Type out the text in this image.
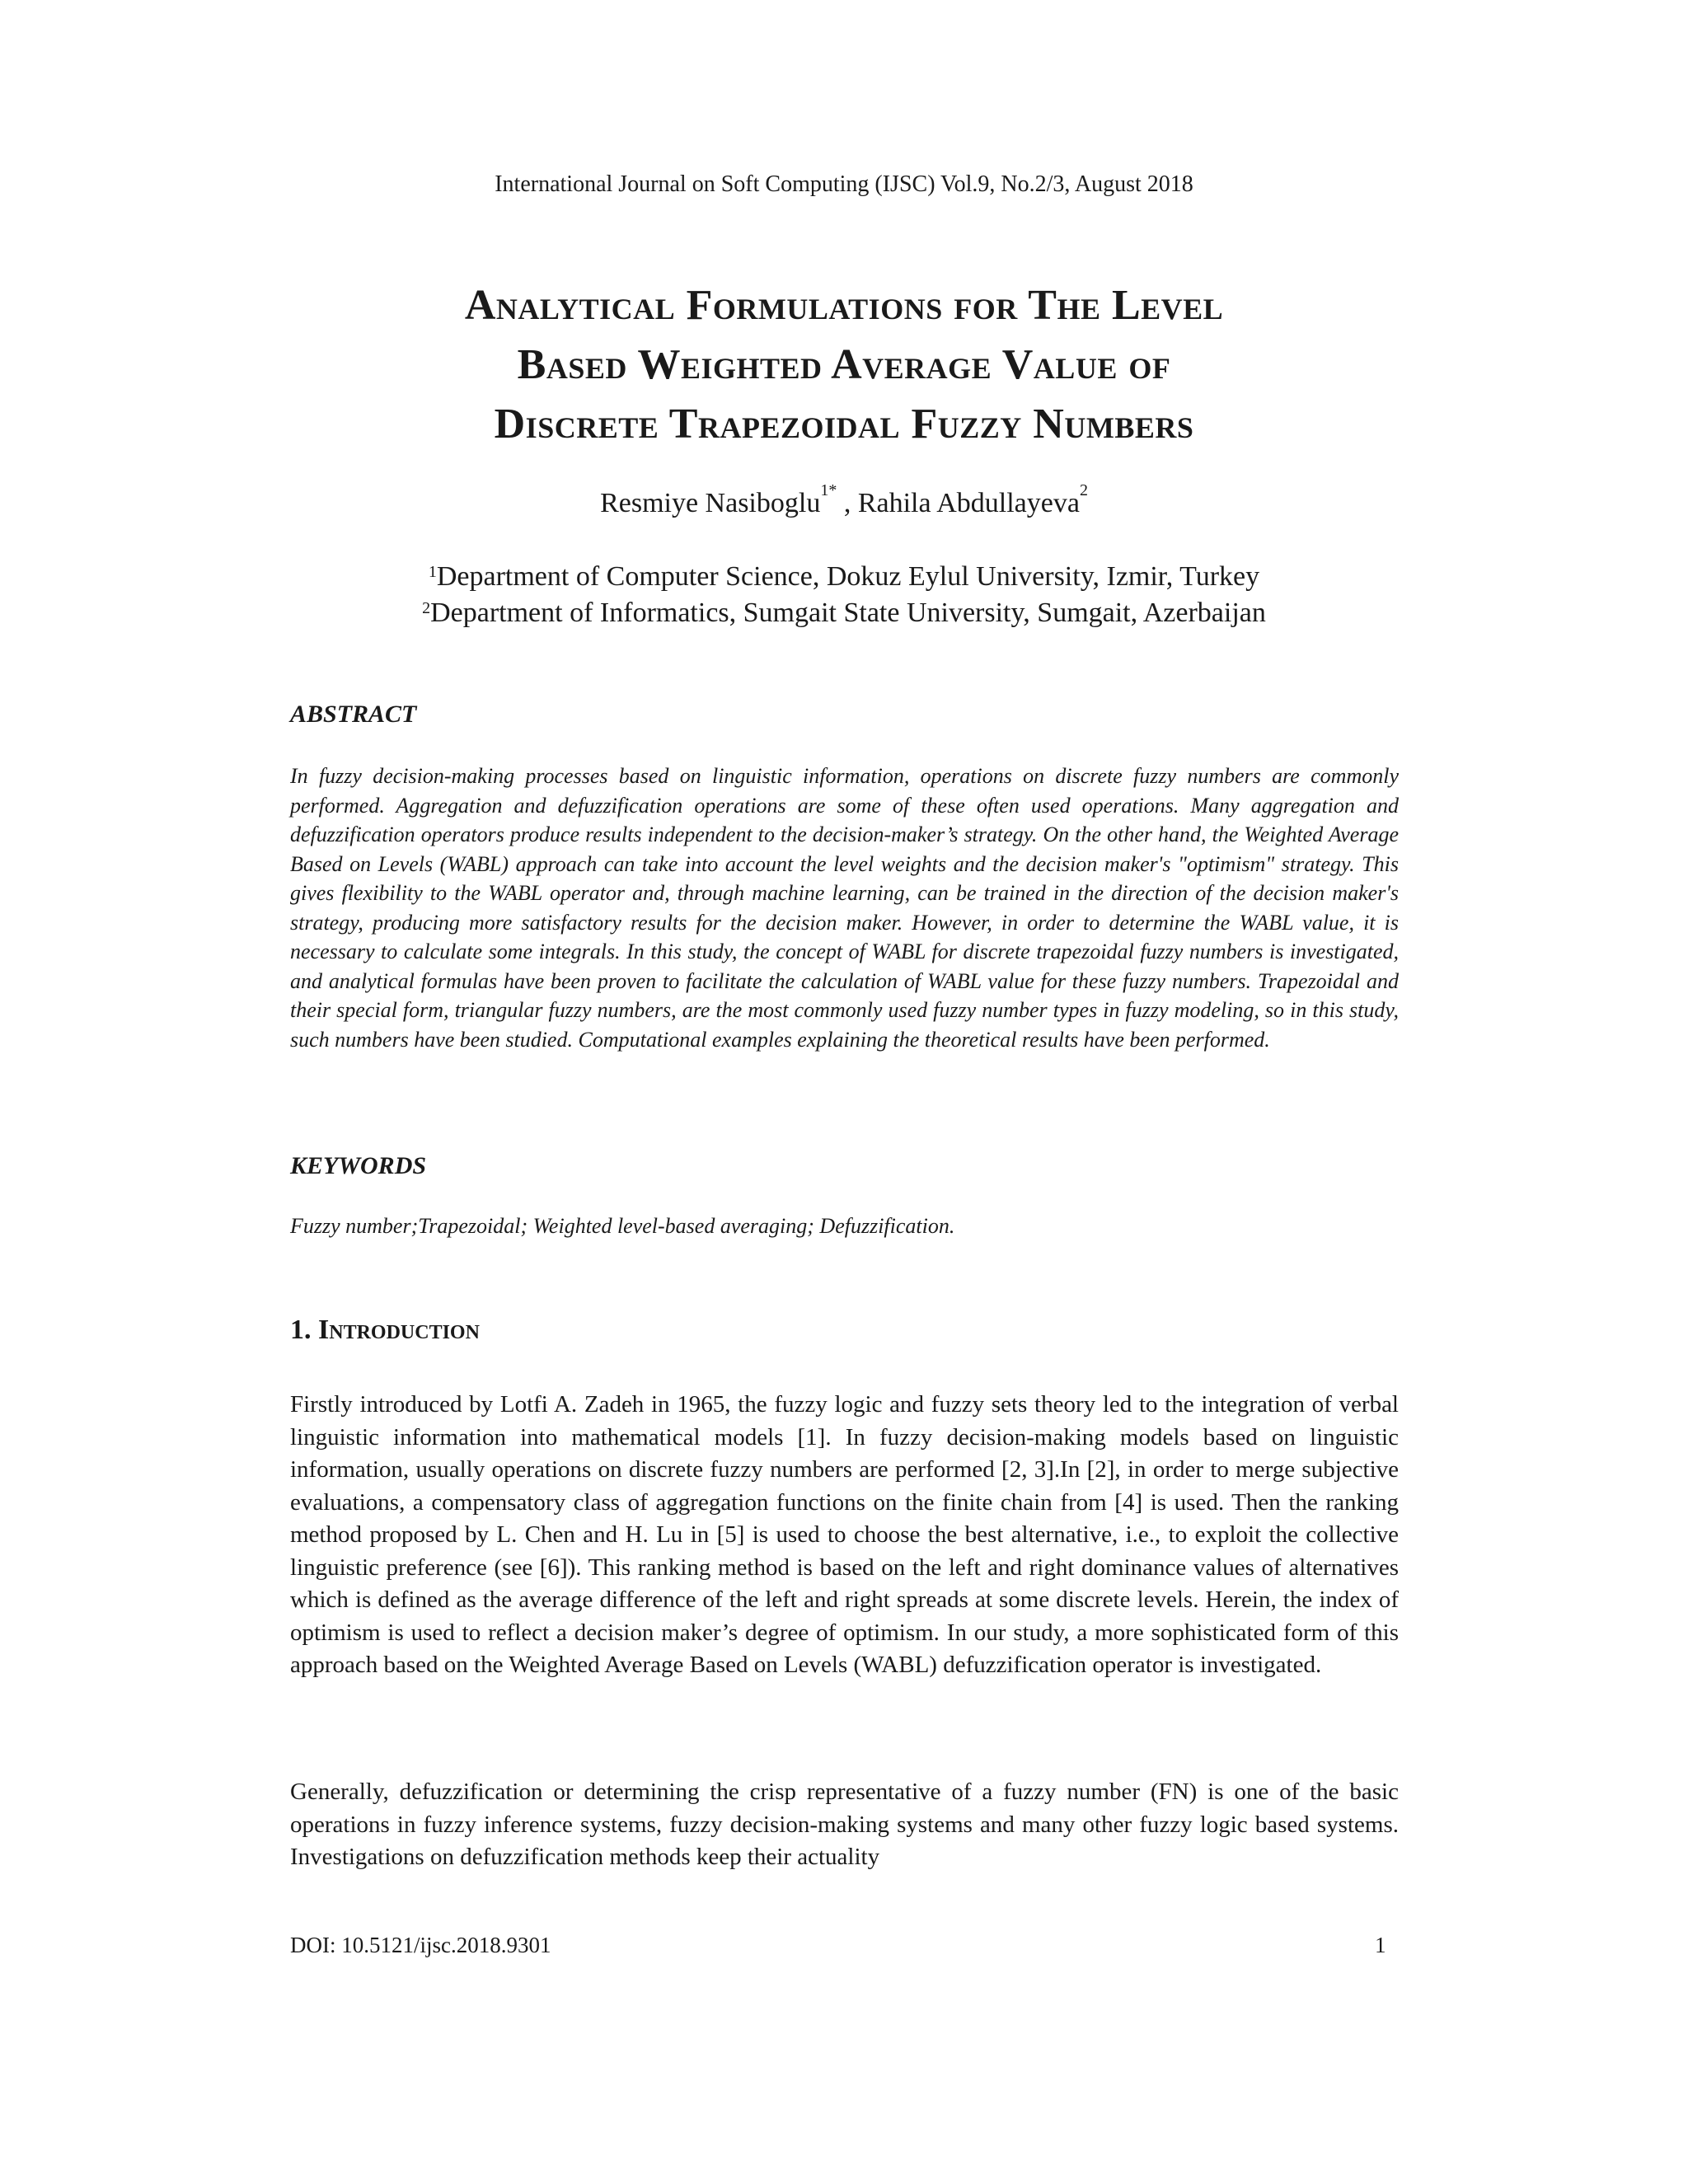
International Journal on Soft Computing (IJSC) Vol.9, No.2/3, August 2018
Analytical Formulations for The Level
Based Weighted Average Value of
Discrete Trapezoidal Fuzzy Numbers
Resmiye Nasiboglu$^{1*}$ , Rahila Abdullayeva$^2$
$^1$Department of Computer Science, Dokuz Eylul University, Izmir, Turkey
$^2$Department of Informatics, Sumgait State University, Sumgait, Azerbaijan
ABSTRACT
In fuzzy decision-making processes based on linguistic information, operations on discrete fuzzy numbers are commonly performed. Aggregation and defuzzification operations are some of these often used operations. Many aggregation and defuzzification operators produce results independent to the decision-maker’s strategy. On the other hand, the Weighted Average Based on Levels (WABL) approach can take into account the level weights and the decision maker's "optimism" strategy. This gives flexibility to the WABL operator and, through machine learning, can be trained in the direction of the decision maker's strategy, producing more satisfactory results for the decision maker. However, in order to determine the WABL value, it is necessary to calculate some integrals. In this study, the concept of WABL for discrete trapezoidal fuzzy numbers is investigated, and analytical formulas have been proven to facilitate the calculation of WABL value for these fuzzy numbers. Trapezoidal and their special form, triangular fuzzy numbers, are the most commonly used fuzzy number types in fuzzy modeling, so in this study, such numbers have been studied. Computational examples explaining the theoretical results have been performed.
KEYWORDS
Fuzzy number;Trapezoidal; Weighted level-based averaging; Defuzzification.
1. Introduction
Firstly introduced by Lotfi A. Zadeh in 1965, the fuzzy logic and fuzzy sets theory led to the integration of verbal linguistic information into mathematical models [1]. In fuzzy decision-making models based on linguistic information, usually operations on discrete fuzzy numbers are performed [2, 3].In [2], in order to merge subjective evaluations, a compensatory class of aggregation functions on the finite chain from [4] is used. Then the ranking method proposed by L. Chen and H. Lu in [5] is used to choose the best alternative, i.e., to exploit the collective linguistic preference (see [6]). This ranking method is based on the left and right dominance values of alternatives which is defined as the average difference of the left and right spreads at some discrete levels. Herein, the index of optimism is used to reflect a decision maker’s degree of optimism. In our study, a more sophisticated form of this approach based on the Weighted Average Based on Levels (WABL) defuzzification operator is investigated.
Generally, defuzzification or determining the crisp representative of a fuzzy number (FN) is one of the basic operations in fuzzy inference systems, fuzzy decision-making systems and many other fuzzy logic based systems. Investigations on defuzzification methods keep their actuality
DOI: 10.5121/ijsc.2018.9301	1
